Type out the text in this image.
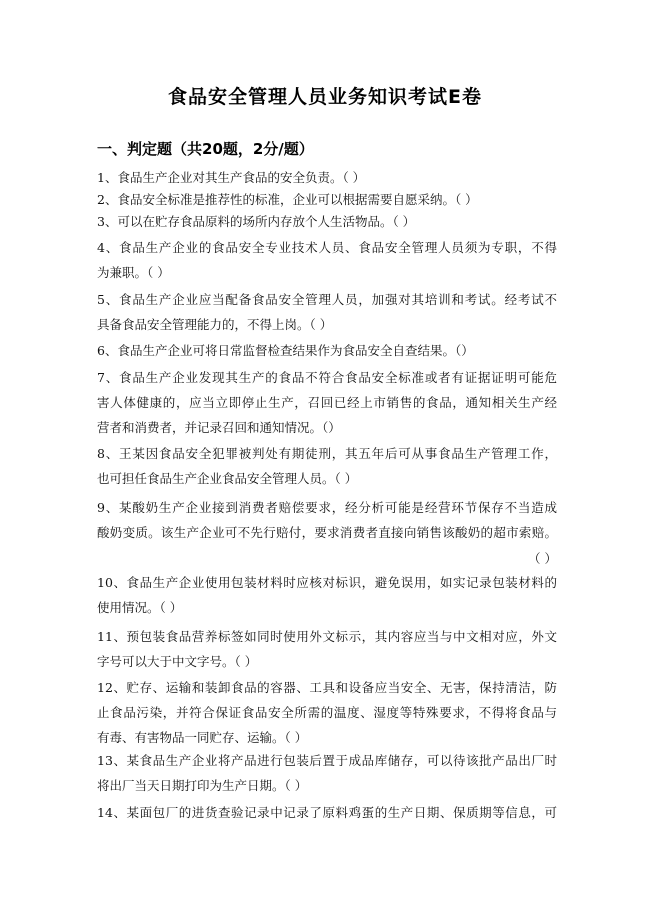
食品安全管理人员业务知识考试E卷
一、判定题（共20题，2分/题）
1、食品生产企业对其生产食品的安全负责。（ ）
2、食品安全标准是推荐性的标准，企业可以根据需要自愿采纳。（ ）
3、可以在贮存食品原料的场所内存放个人生活物品。（ ）
4、食品生产企业的食品安全专业技术人员、食品安全管理人员须为专职，不得
为兼职。（ ）
5、食品生产企业应当配备食品安全管理人员，加强对其培训和考试。经考试不
具备食品安全管理能力的，不得上岗。（ ）
6、食品生产企业可将日常监督检查结果作为食品安全自查结果。（）
7、食品生产企业发现其生产的食品不符合食品安全标准或者有证据证明可能危
害人体健康的，应当立即停止生产，召回已经上市销售的食品，通知相关生产经
营者和消费者，并记录召回和通知情况。（）
8、王某因食品安全犯罪被判处有期徒刑，其五年后可从事食品生产管理工作，
也可担任食品生产企业食品安全管理人员。（ ）
9、某酸奶生产企业接到消费者赔偿要求，经分析可能是经营环节保存不当造成
酸奶变质。该生产企业可不先行赔付，要求消费者直接向销售该酸奶的超市索赔。
（ ）
10、食品生产企业使用包装材料时应核对标识，避免误用，如实记录包装材料的
使用情况。（ ）
11、预包装食品营养标签如同时使用外文标示，其内容应当与中文相对应，外文
字号可以大于中文字号。（ ）
12、贮存、运输和装卸食品的容器、工具和设备应当安全、无害，保持清洁，防
止食品污染，并符合保证食品安全所需的温度、湿度等特殊要求，不得将食品与
有毒、有害物品一同贮存、运输。（ ）
13、某食品生产企业将产品进行包装后置于成品库储存，可以待该批产品出厂时
将出厂当天日期打印为生产日期。（ ）
14、某面包厂的进货查验记录中记录了原料鸡蛋的生产日期、保质期等信息，可
